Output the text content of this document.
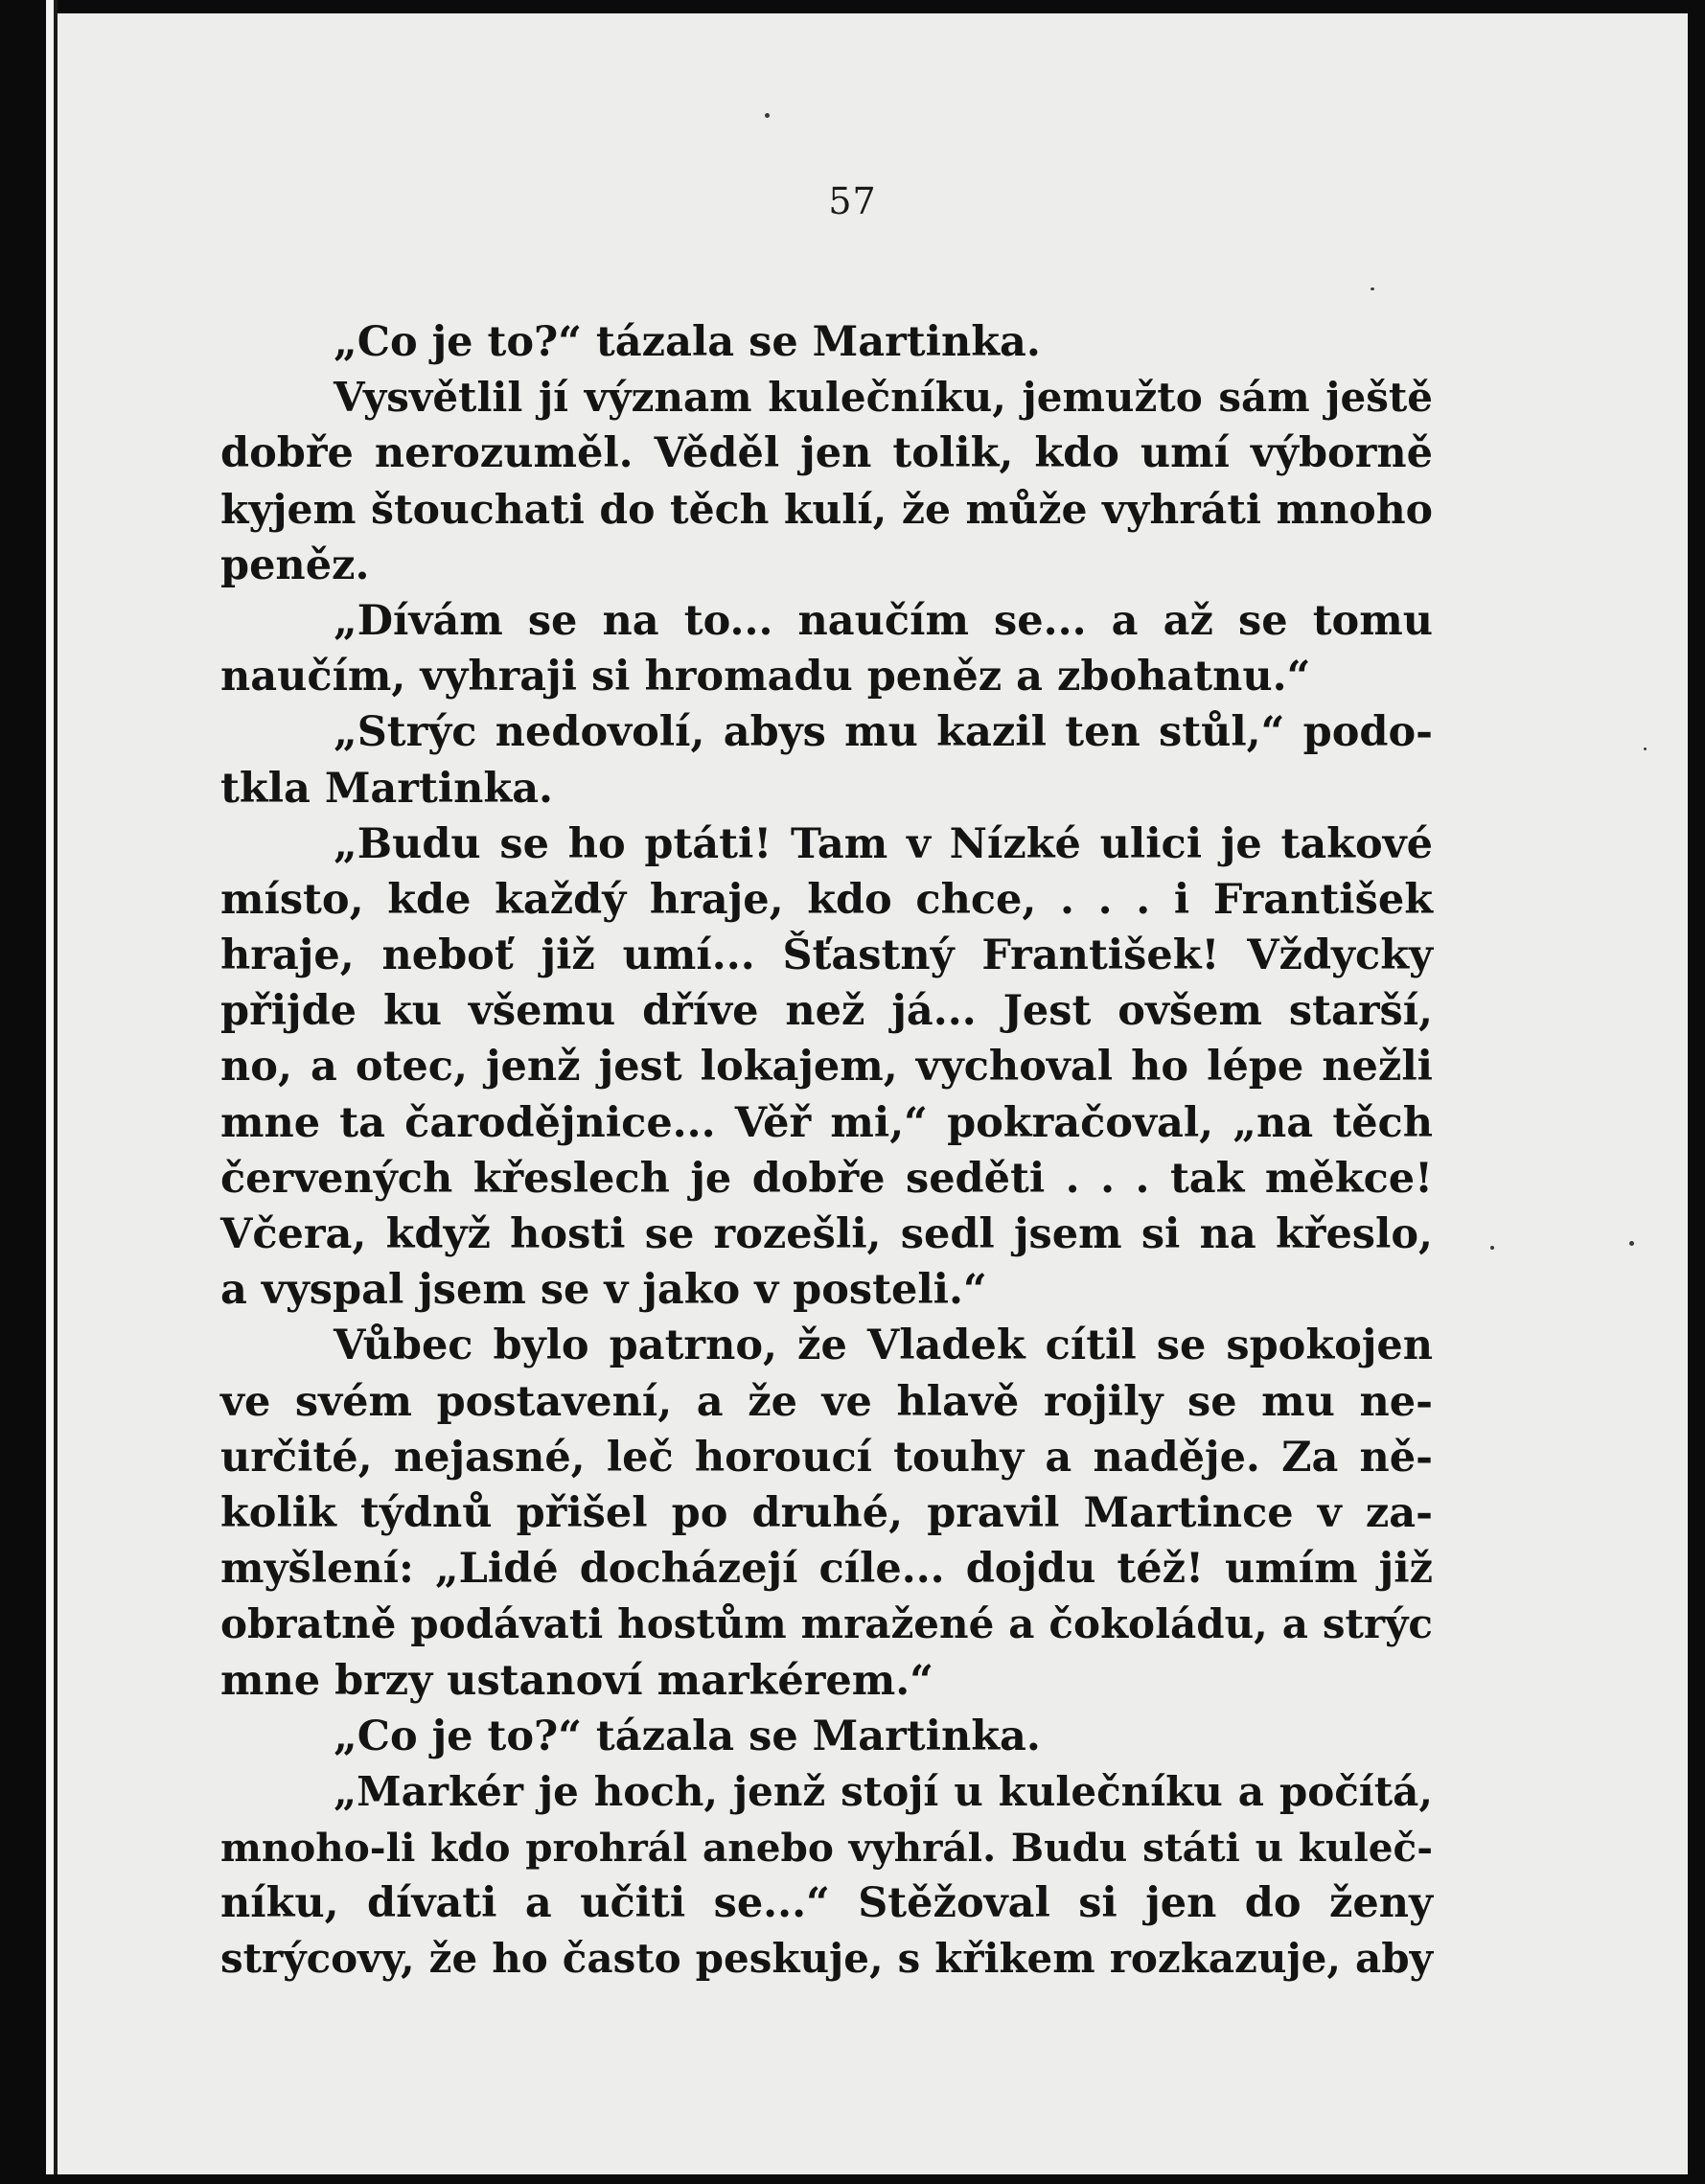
57
„Co je to?“ tázala se Martinka.
Vysvětlil jí význam kulečníku, jemužto sám ještě
dobře nerozuměl. Věděl jen tolik, kdo umí výborně
kyjem štouchati do těch kulí, že může vyhráti mnoho
peněz.
„Dívám se na to... naučím se... a až se tomu
naučím, vyhraji si hromadu peněz a zbohatnu.“
„Strýc nedovolí, abys mu kazil ten stůl,“ podo-
tkla Martinka.
„Budu se ho ptáti! Tam v Nízké ulici je takové
místo, kde každý hraje, kdo chce, . . . i František
hraje, neboť již umí... Šťastný František! Vždycky
přijde ku všemu dříve než já... Jest ovšem starší,
no, a otec, jenž jest lokajem, vychoval ho lépe nežli
mne ta čarodějnice... Věř mi,“ pokračoval, „na těch
červených křeslech je dobře seděti . . . tak měkce!
Včera, když hosti se rozešli, sedl jsem si na křeslo,
a vyspal jsem se v jako v posteli.“
Vůbec bylo patrno, že Vladek cítil se spokojen
ve svém postavení, a že ve hlavě rojily se mu ne-
určité, nejasné, leč horoucí touhy a naděje. Za ně-
kolik týdnů přišel po druhé, pravil Martince v za-
myšlení: „Lidé docházejí cíle... dojdu též! umím již
obratně podávati hostům mražené a čokoládu, a strýc
mne brzy ustanoví markérem.“
„Co je to?“ tázala se Martinka.
„Markér je hoch, jenž stojí u kulečníku a počítá,
mnoho-li kdo prohrál anebo vyhrál. Budu státi u kuleč-
níku, dívati a učiti se...“ Stěžoval si jen do ženy
strýcovy, že ho často peskuje, s křikem rozkazuje, aby
